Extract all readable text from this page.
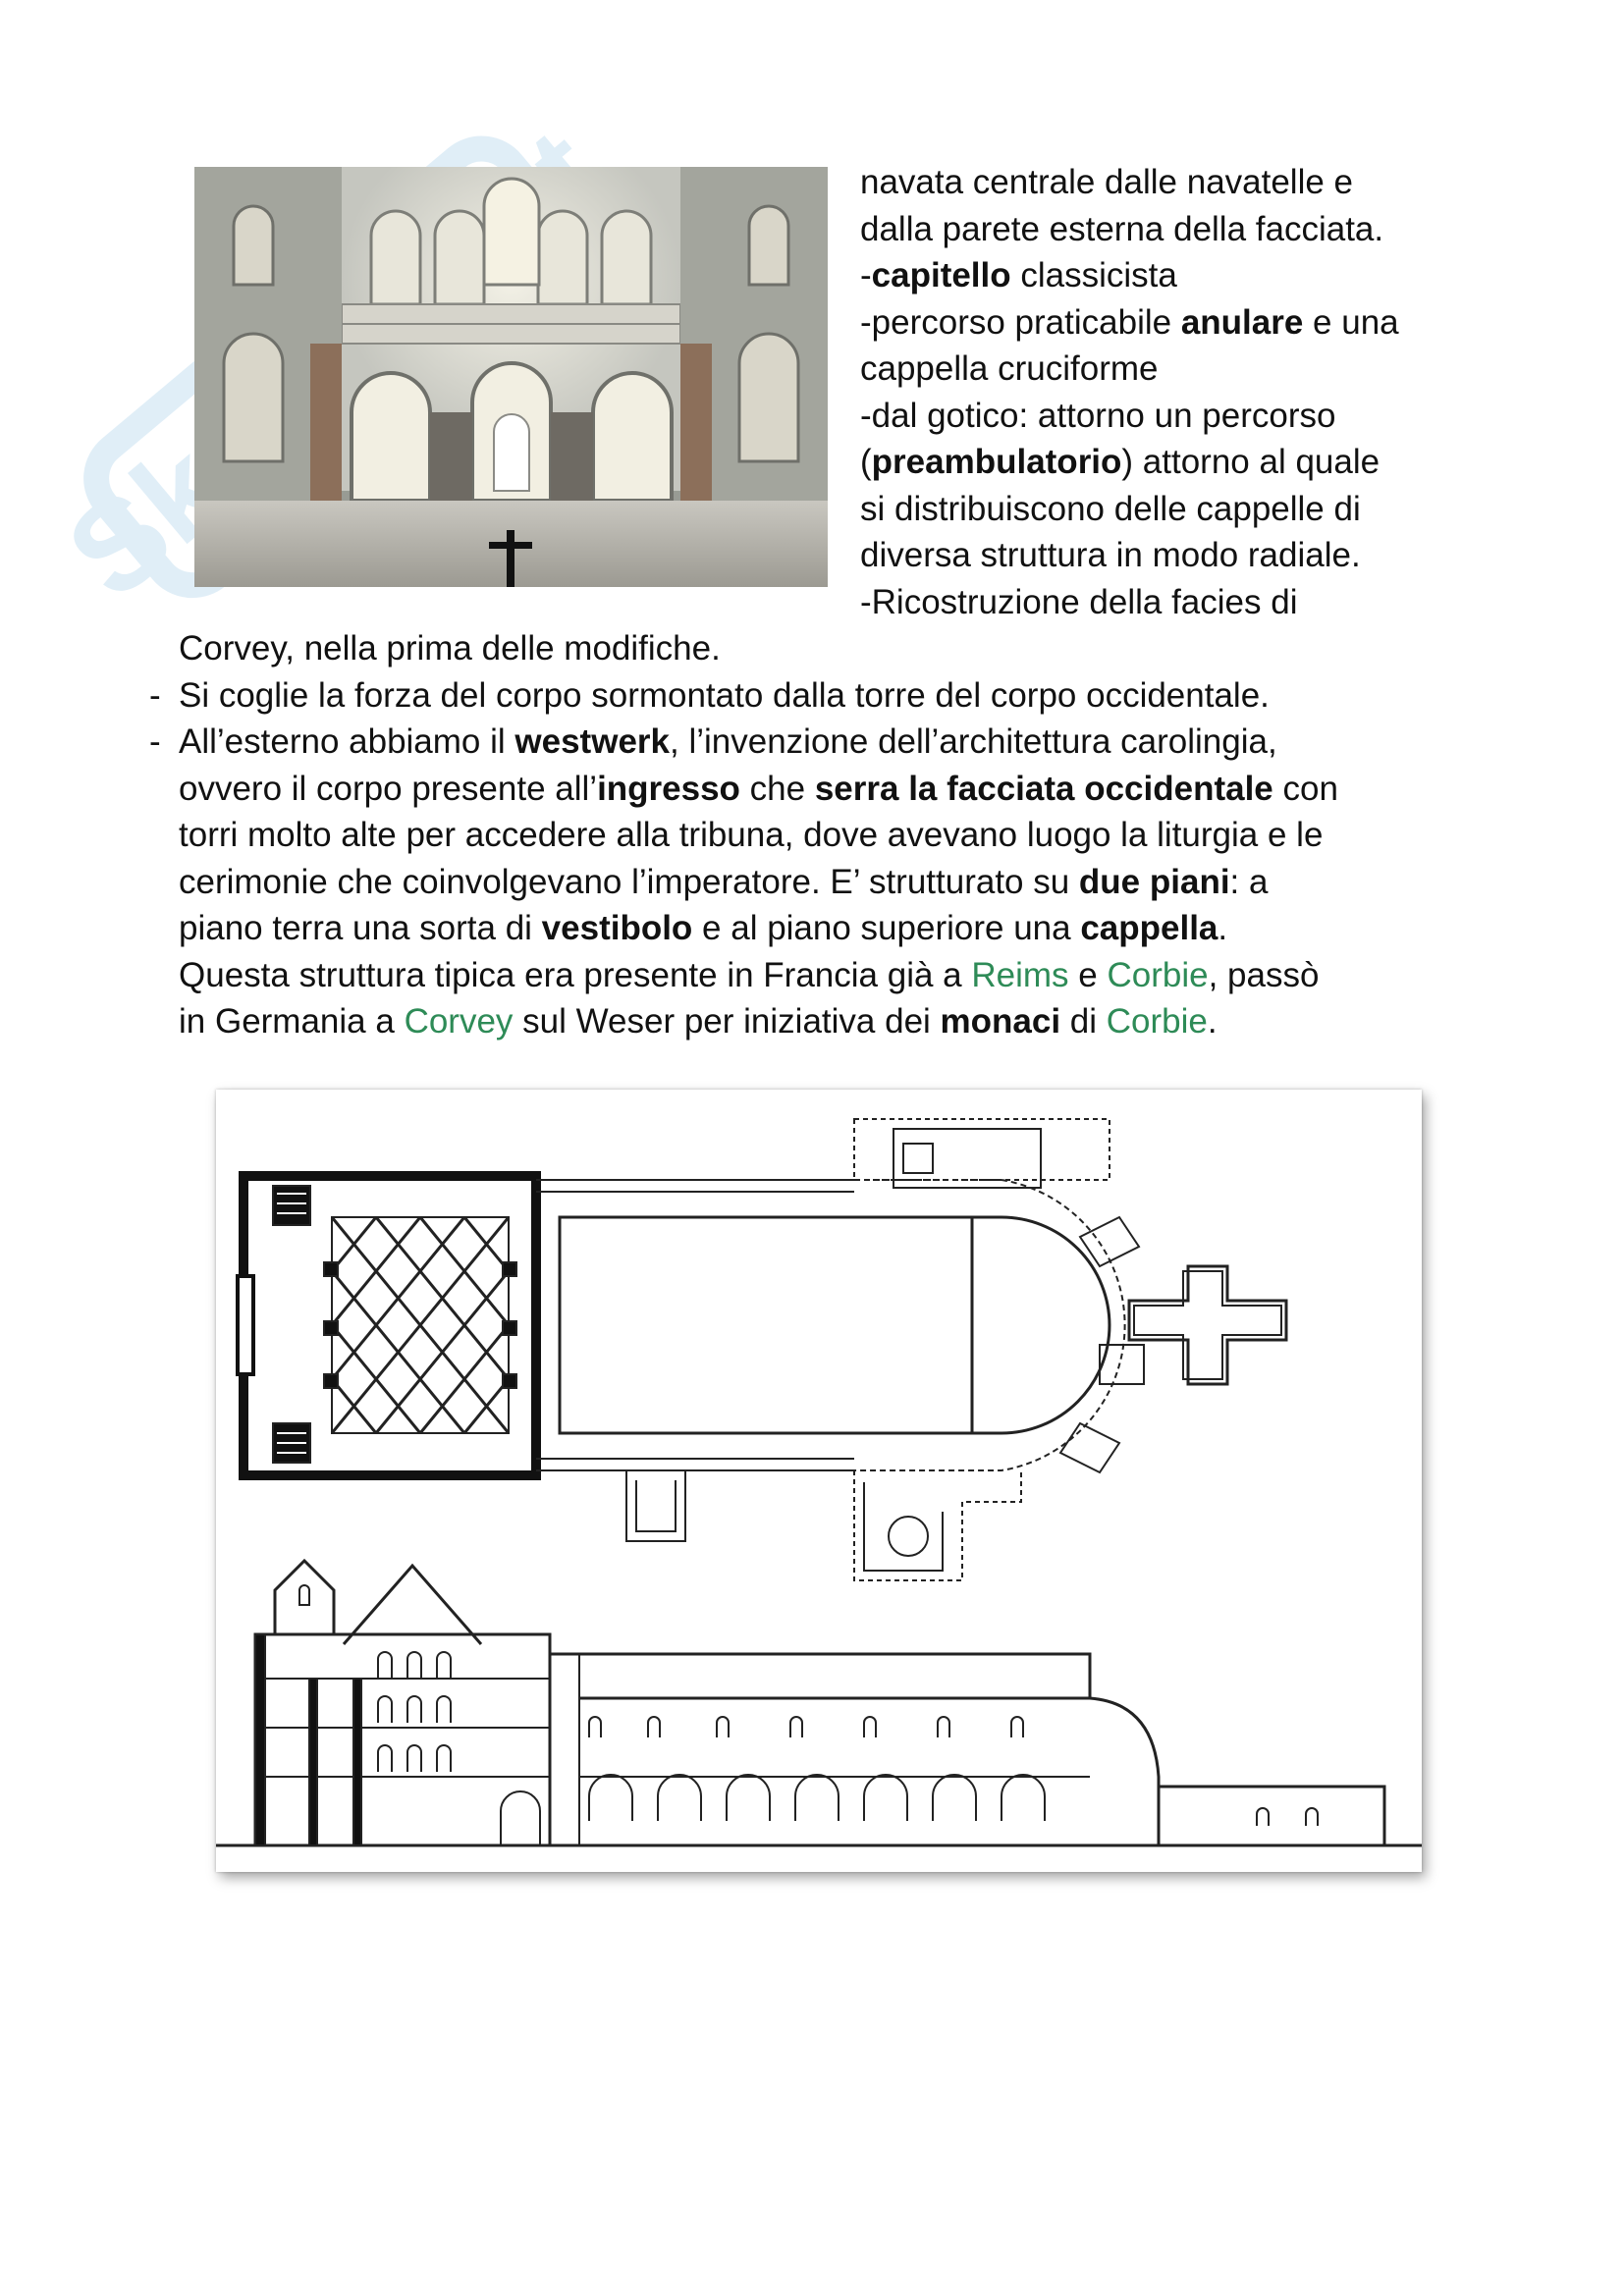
navata centrale dalle navatelle e
dalla parete esterna della facciata.
-capitello classicista
-percorso praticabile anulare e una
cappella cruciforme
-dal gotico: attorno un percorso
(preambulatorio) attorno al quale
si distribuiscono delle cappelle di
diversa struttura in modo radiale.
-Ricostruzione della facies di
Corvey, nella prima delle modifiche.
- Si coglie la forza del corpo sormontato dalla torre del corpo occidentale.
- All’esterno abbiamo il westwerk, l’invenzione dell’architettura carolingia,
ovvero il corpo presente all’ingresso che serra la facciata occidentale con
torri molto alte per accedere alla tribuna, dove avevano luogo la liturgia e le
cerimonie che coinvolgevano l’imperatore. E’ strutturato su due piani: a
piano terra una sorta di vestibolo e al piano superiore una cappella.
Questa struttura tipica era presente in Francia già a Reims e Corbie, passò
in Germania a Corvey sul Weser per iniziativa dei monaci di Corbie.
